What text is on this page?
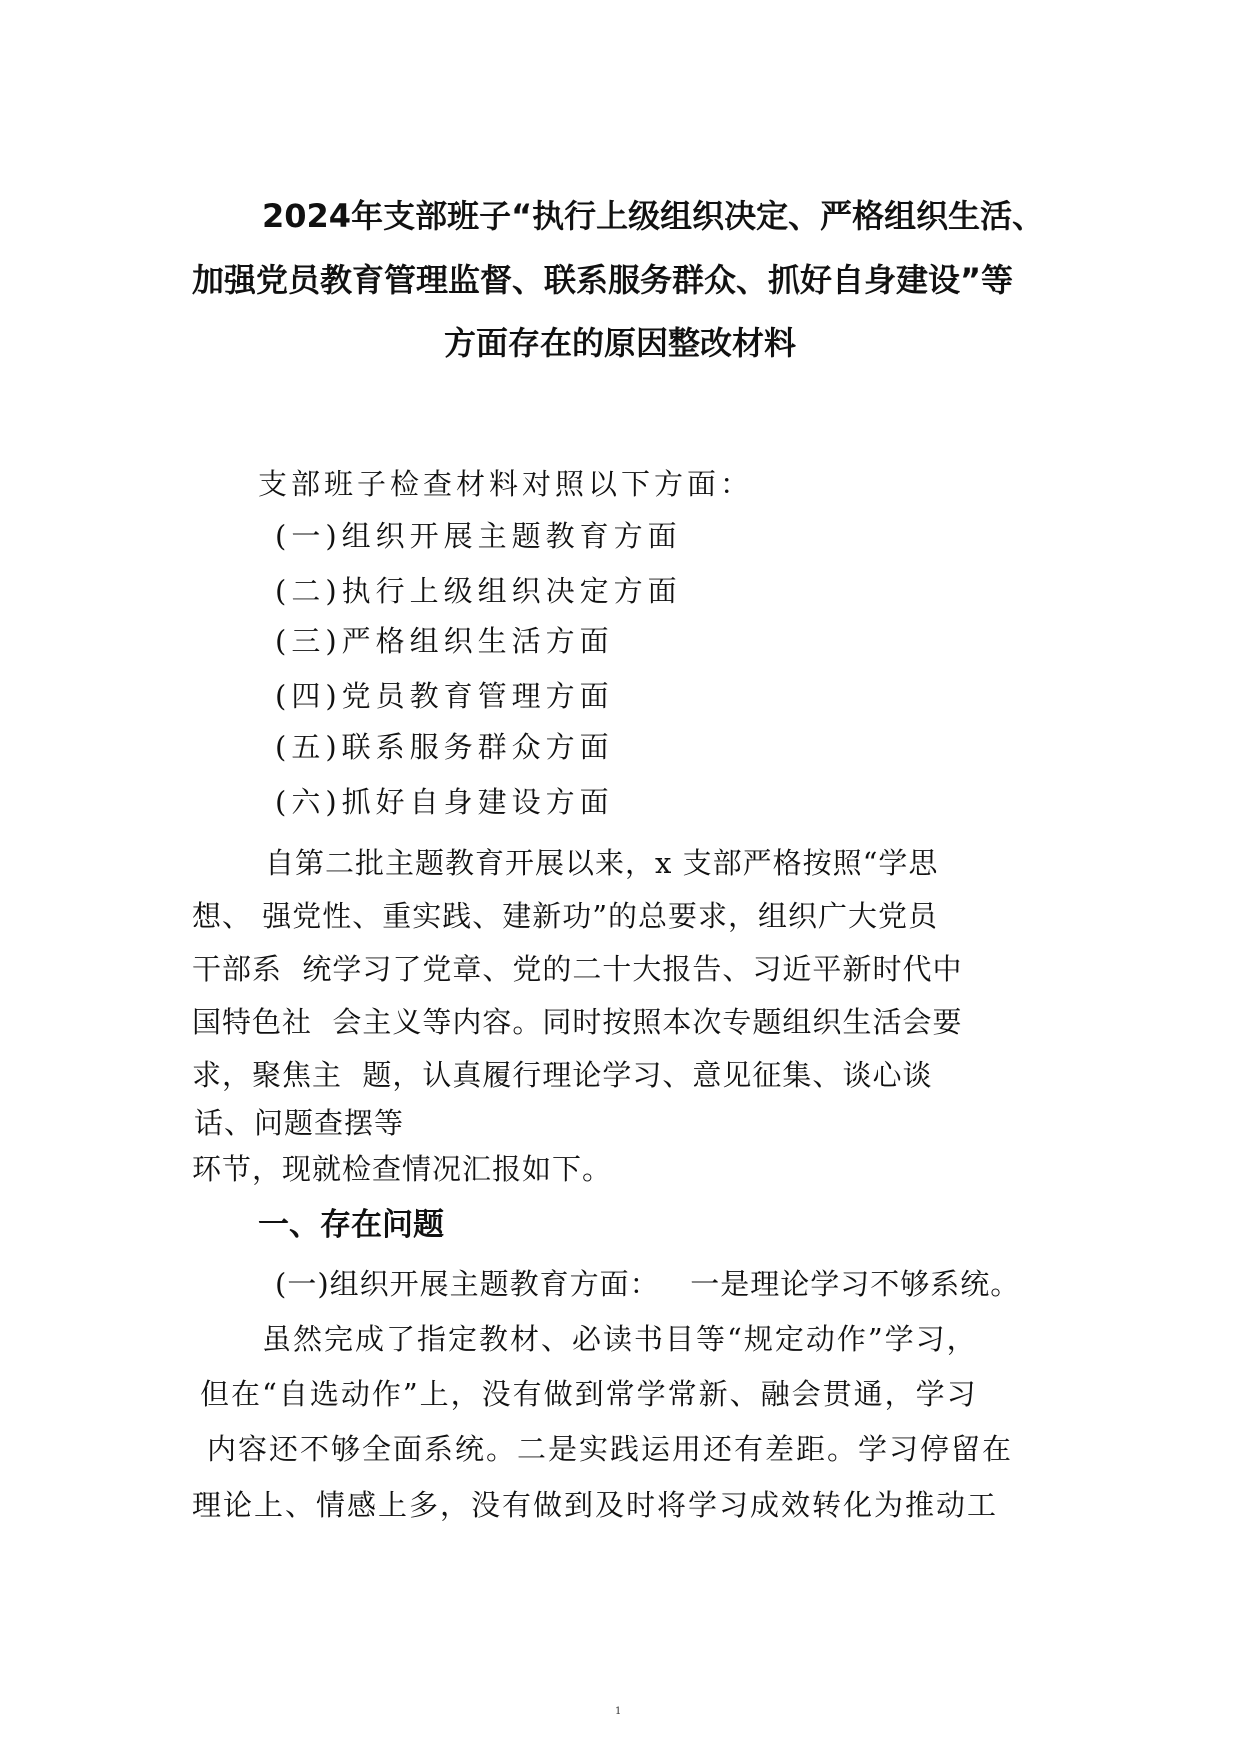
2024年支部班子“执行上级组织决定、严格组织生活、
加强党员教育管理监督、联系服务群众、抓好自身建设”等
方面存在的原因整改材料
支部班子检查材料对照以下方面：
(一)组织开展主题教育方面
(二)执行上级组织决定方面
(三)严格组织生活方面
(四)党员教育管理方面
(五)联系服务群众方面
(六)抓好自身建设方面
自第二批主题教育开展以来，x 支部严格按照“学思
想、 强党性、重实践、建新功”的总要求，组织广大党员
干部系  统学习了党章、党的二十大报告、习近平新时代中
国特色社  会主义等内容。同时按照本次专题组织生活会要
求，聚焦主  题，认真履行理论学习、意见征集、谈心谈
话、问题查摆等
环节，现就检查情况汇报如下。
一、存在问题
(一)组织开展主题教育方面：   一是理论学习不够系统。
虽然完成了指定教材、必读书目等“规定动作”学习，
但在“自选动作”上，没有做到常学常新、融会贯通，学习
内容还不够全面系统。二是实践运用还有差距。学习停留在
理论上、情感上多，没有做到及时将学习成效转化为推动工
1
